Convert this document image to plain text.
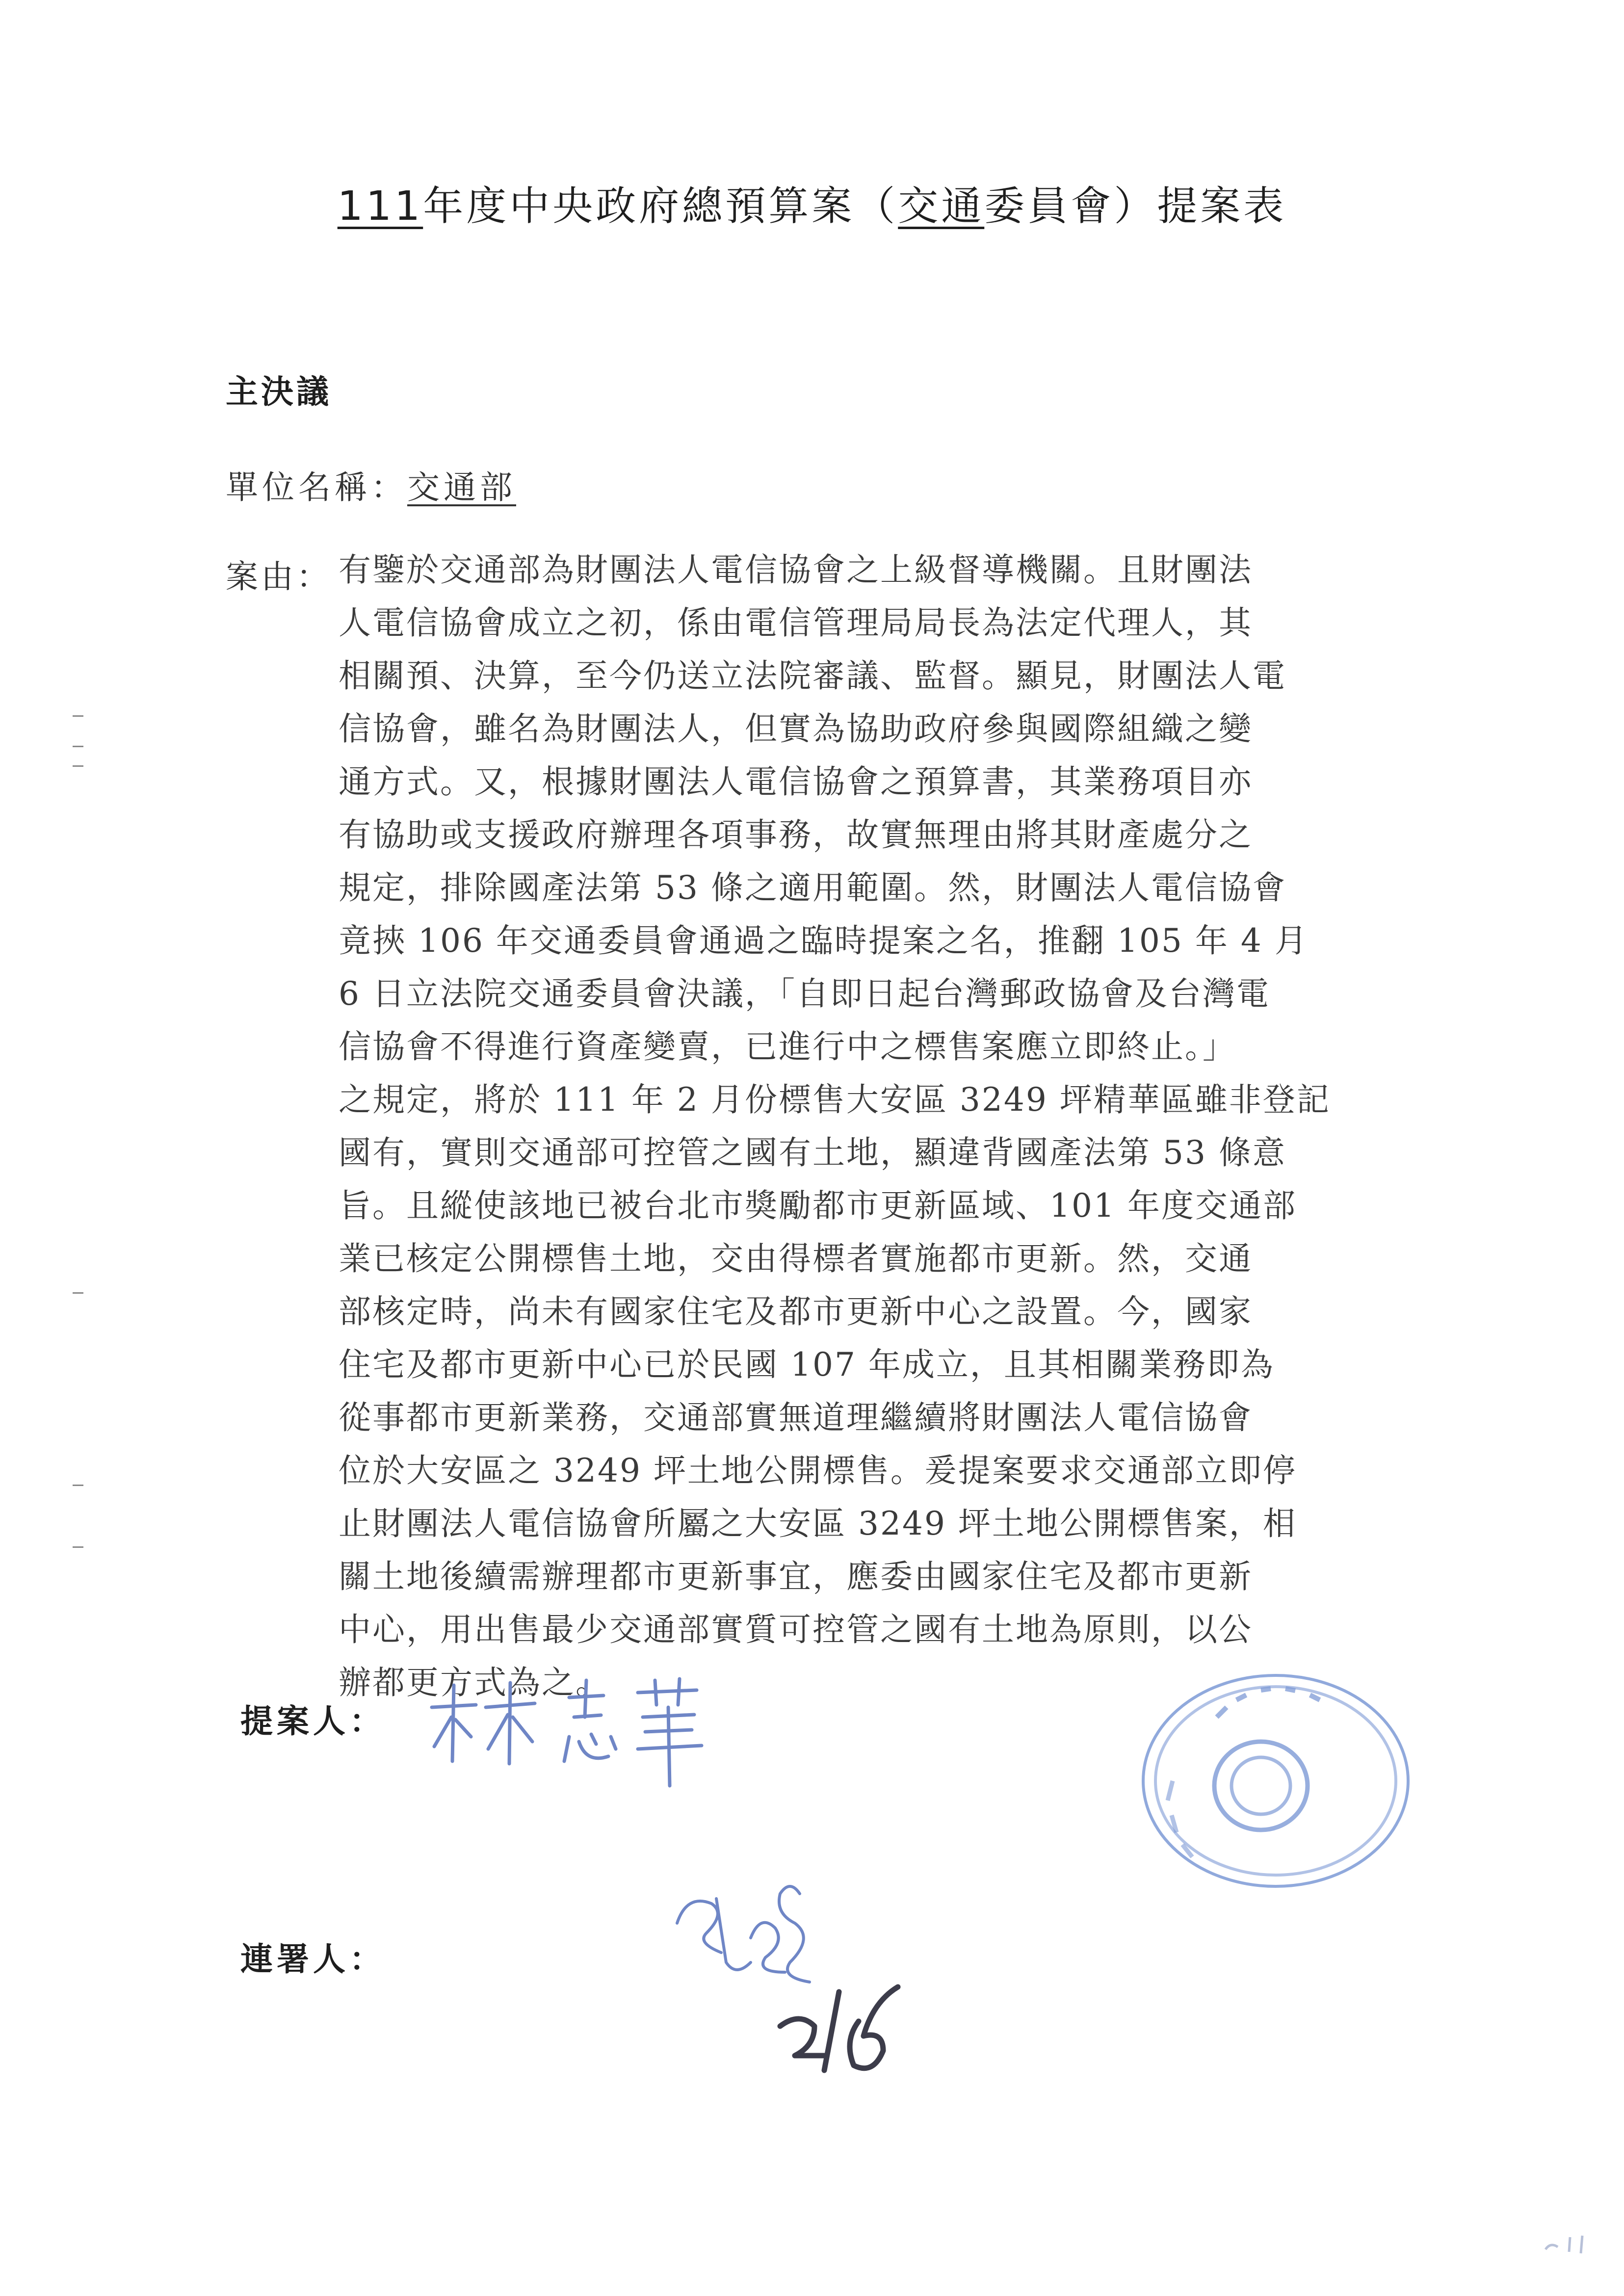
111年度中央政府總預算案（交通委員會）提案表
主決議
單位名稱：交通部
案由： 有鑒於交通部為財團法人電信協會之上級督導機關。且財團法
人電信協會成立之初，係由電信管理局局長為法定代理人，其
相關預、決算，至今仍送立法院審議、監督。顯見，財團法人電
信協會，雖名為財團法人，但實為協助政府參與國際組織之變
通方式。又，根據財團法人電信協會之預算書，其業務項目亦
有協助或支援政府辦理各項事務，故實無理由將其財產處分之
規定，排除國產法第 53 條之適用範圍。然，財團法人電信協會
竟挾 106 年交通委員會通過之臨時提案之名，推翻 105 年 4 月
6 日立法院交通委員會決議，「自即日起台灣郵政協會及台灣電
信協會不得進行資產變賣，已進行中之標售案應立即終止。」
之規定，將於 111 年 2 月份標售大安區 3249 坪精華區雖非登記
國有，實則交通部可控管之國有土地，顯違背國產法第 53 條意
旨。且縱使該地已被台北市獎勵都市更新區域、101 年度交通部
業已核定公開標售土地，交由得標者實施都市更新。然，交通
部核定時，尚未有國家住宅及都市更新中心之設置。今，國家
住宅及都市更新中心已於民國 107 年成立，且其相關業務即為
從事都市更新業務，交通部實無道理繼續將財團法人電信協會
位於大安區之 3249 坪土地公開標售。爰提案要求交通部立即停
止財團法人電信協會所屬之大安區 3249 坪土地公開標售案，相
關土地後續需辦理都市更新事宜，應委由國家住宅及都市更新
中心，用出售最少交通部實質可控管之國有土地為原則，以公
辦都更方式為之。
提案人：
連署人：
